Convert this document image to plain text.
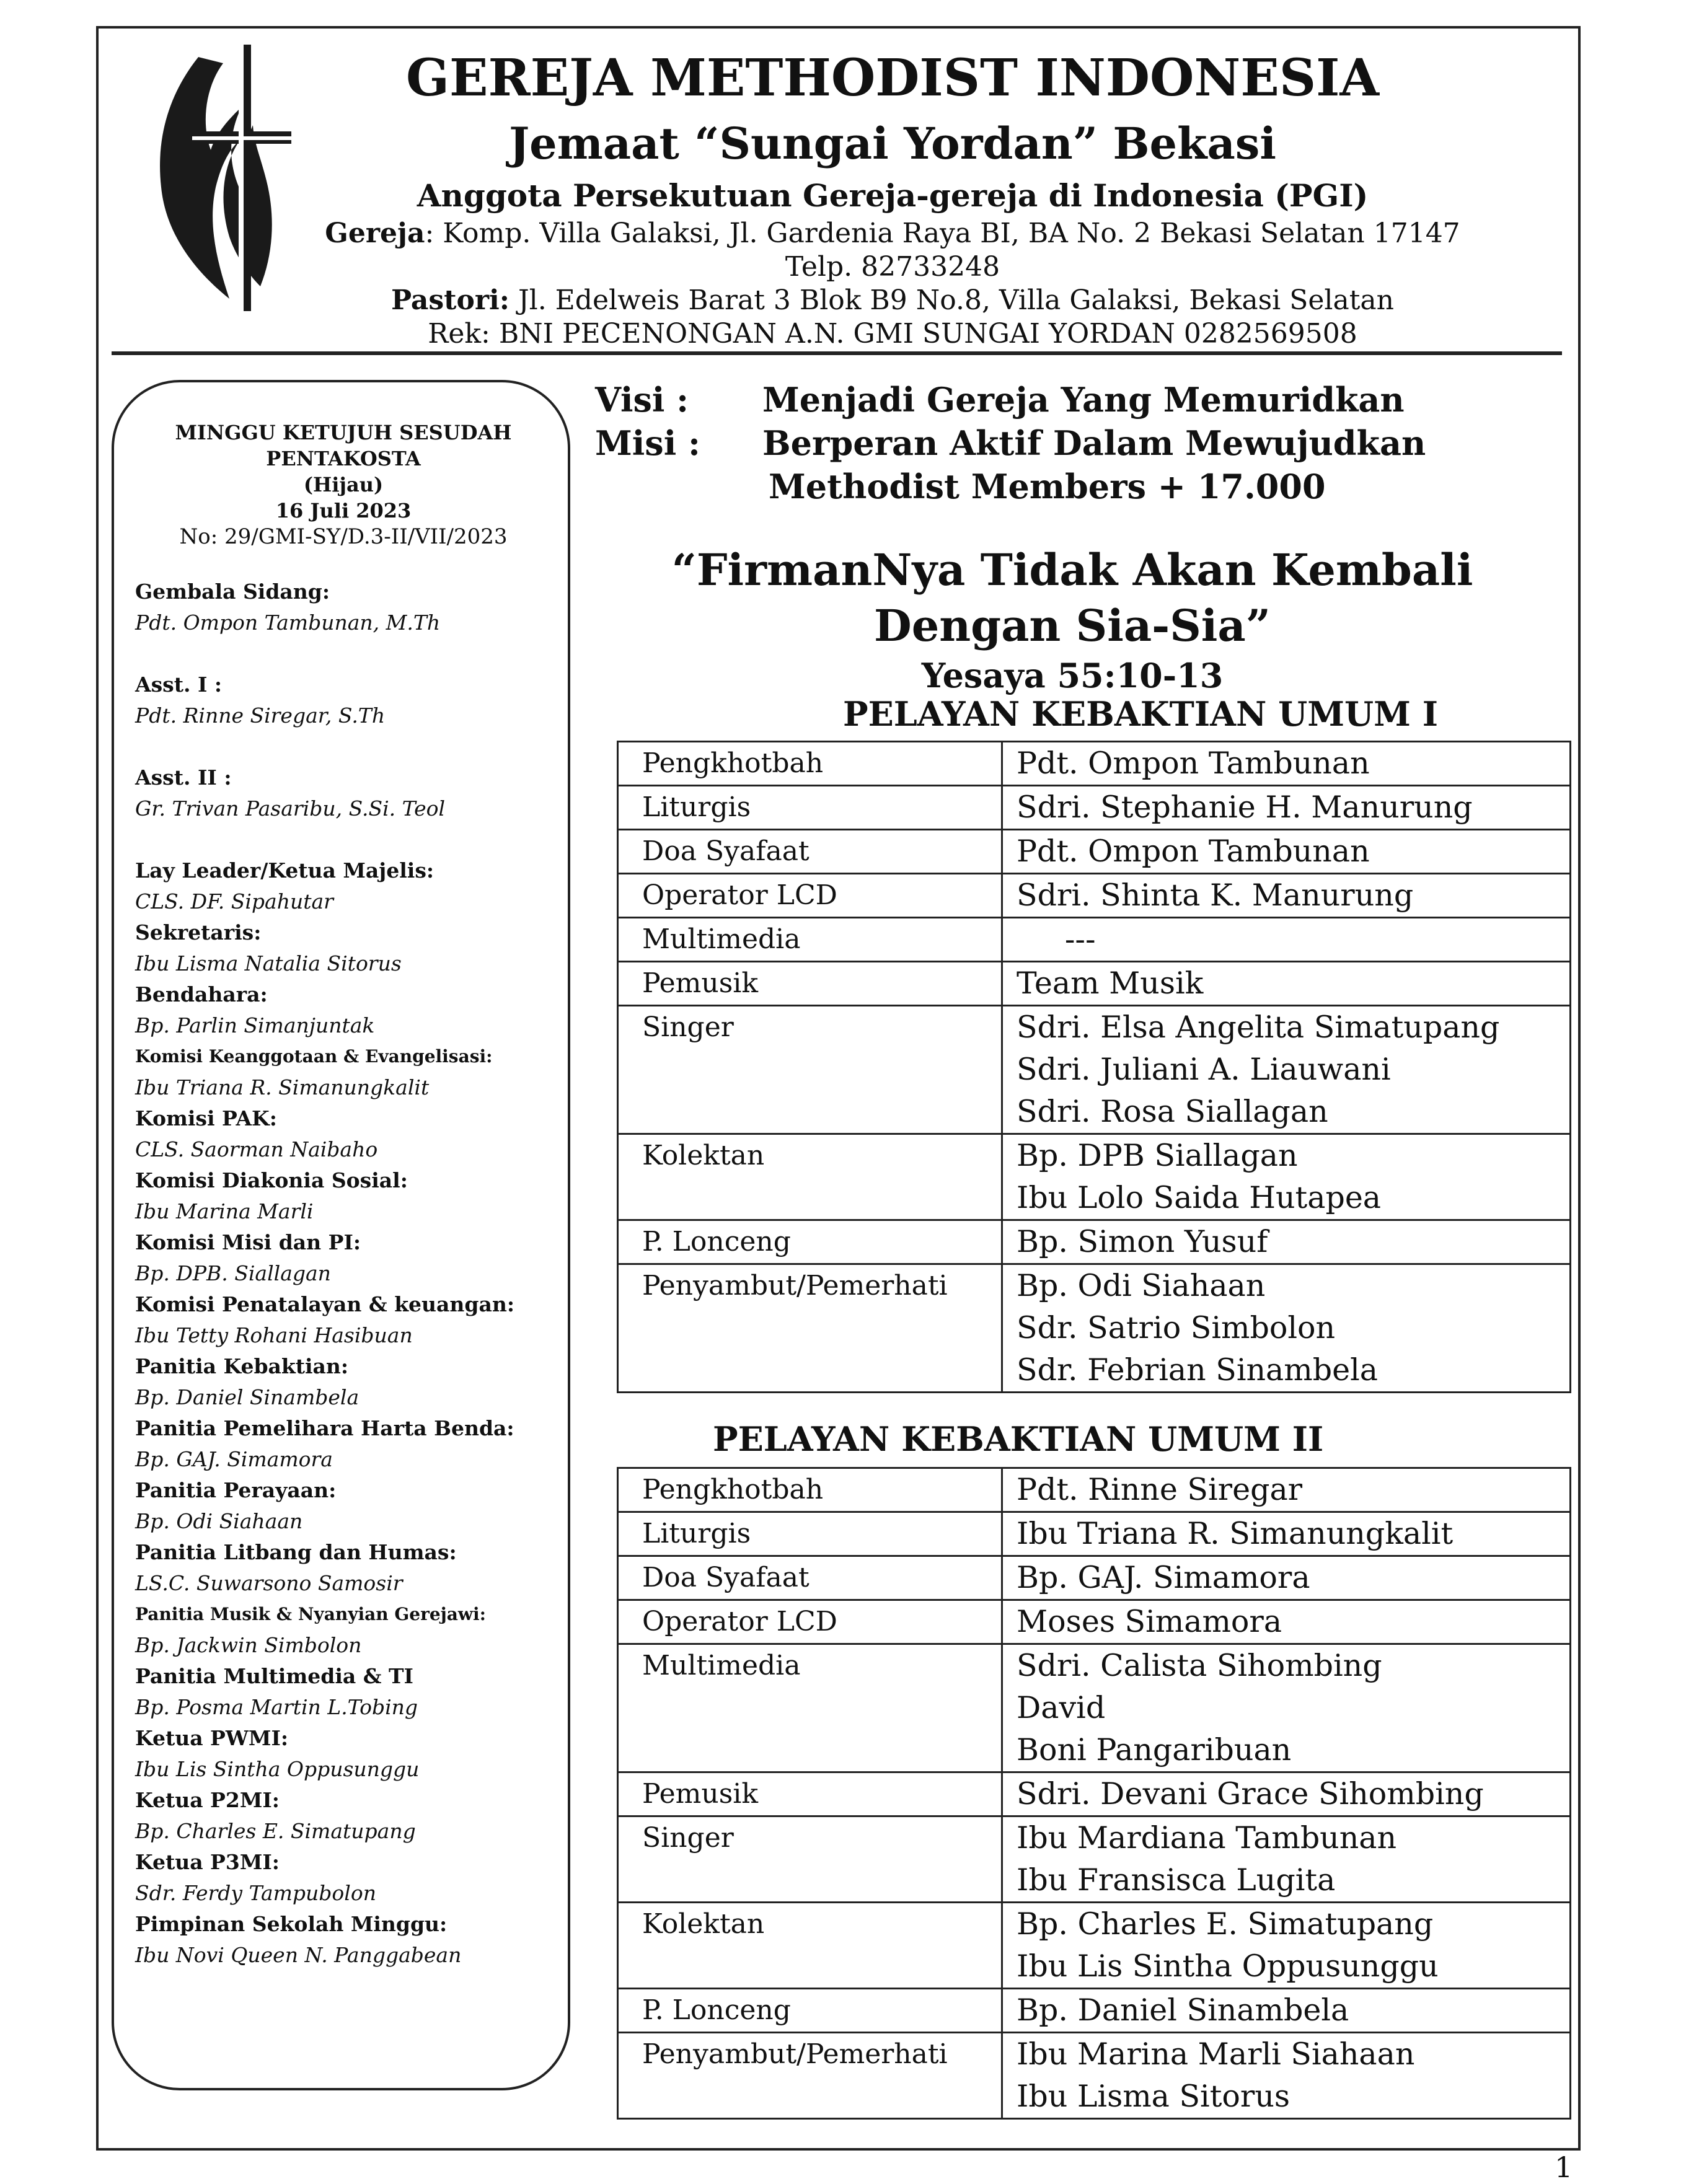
GEREJA METHODIST INDONESIA
Jemaat “Sungai Yordan” Bekasi
Anggota Persekutuan Gereja-gereja di Indonesia (PGI)
Gereja: Komp. Villa Galaksi, Jl. Gardenia Raya BI, BA No. 2 Bekasi Selatan 17147
Telp. 82733248
Pastori: Jl. Edelweis Barat 3 Blok B9 No.8, Villa Galaksi, Bekasi Selatan
Rek: BNI PECENONGAN A.N. GMI SUNGAI YORDAN 0282569508
MINGGU KETUJUH SESUDAH
PENTAKOSTA
(Hijau)
16 Juli 2023
No: 29/GMI-SY/D.3-II/VII/2023
Gembala Sidang:
Pdt. Ompon Tambunan, M.Th
Asst. I :
Pdt. Rinne Siregar, S.Th
Asst. II :
Gr. Trivan Pasaribu, S.Si. Teol
Lay Leader/Ketua Majelis:
CLS. DF. Sipahutar
Sekretaris:
Ibu Lisma Natalia Sitorus
Bendahara:
Bp. Parlin Simanjuntak
Komisi Keanggotaan & Evangelisasi:
Ibu Triana R. Simanungkalit
Komisi PAK:
CLS. Saorman Naibaho
Komisi Diakonia Sosial:
Ibu Marina Marli
Komisi Misi dan PI:
Bp. DPB. Siallagan
Komisi Penatalayan & keuangan:
Ibu Tetty Rohani Hasibuan
Panitia Kebaktian:
Bp. Daniel Sinambela
Panitia Pemelihara Harta Benda:
Bp. GAJ. Simamora
Panitia Perayaan:
Bp. Odi Siahaan
Panitia Litbang dan Humas:
LS.C. Suwarsono Samosir
Panitia Musik & Nyanyian Gerejawi:
Bp. Jackwin Simbolon
Panitia Multimedia & TI
Bp. Posma Martin L.Tobing
Ketua PWMI:
Ibu Lis Sintha Oppusunggu
Ketua P2MI:
Bp. Charles E. Simatupang
Ketua P3MI:
Sdr. Ferdy Tampubolon
Pimpinan Sekolah Minggu:
Ibu Novi Queen N. Panggabean
Visi : Menjadi Gereja Yang Memuridkan
Misi : Berperan Aktif Dalam Mewujudkan
Methodist Members + 17.000
“FirmanNya Tidak Akan Kembali
Dengan Sia-Sia”
Yesaya 55:10-13
PELAYAN KEBAKTIAN UMUM I
Pengkhotbah	Pdt. Ompon Tambunan

Liturgis	Sdri. Stephanie H. Manurung

Doa Syafaat	Pdt. Ompon Tambunan

Operator LCD	Sdri. Shinta K. Manurung

Multimedia	---

Pemusik	Team Musik

Singer	Sdri. Elsa Angelita Simatupang
Sdri. Juliani A. Liauwani
Sdri. Rosa Siallagan

Kolektan	Bp. DPB Siallagan
Ibu Lolo Saida Hutapea

P. Lonceng	Bp. Simon Yusuf

Penyambut/Pemerhati	Bp. Odi Siahaan
Sdr. Satrio Simbolon
Sdr. Febrian Sinambela
PELAYAN KEBAKTIAN UMUM II
Pengkhotbah	Pdt. Rinne Siregar

Liturgis	Ibu Triana R. Simanungkalit

Doa Syafaat	Bp. GAJ. Simamora

Operator LCD	Moses Simamora

Multimedia	Sdri. Calista Sihombing
David
Boni Pangaribuan

Pemusik	Sdri. Devani Grace Sihombing

Singer	Ibu Mardiana Tambunan
Ibu Fransisca Lugita

Kolektan	Bp. Charles E. Simatupang
Ibu Lis Sintha Oppusunggu

P. Lonceng	Bp. Daniel Sinambela

Penyambut/Pemerhati	Ibu Marina Marli Siahaan
Ibu Lisma Sitorus
1
